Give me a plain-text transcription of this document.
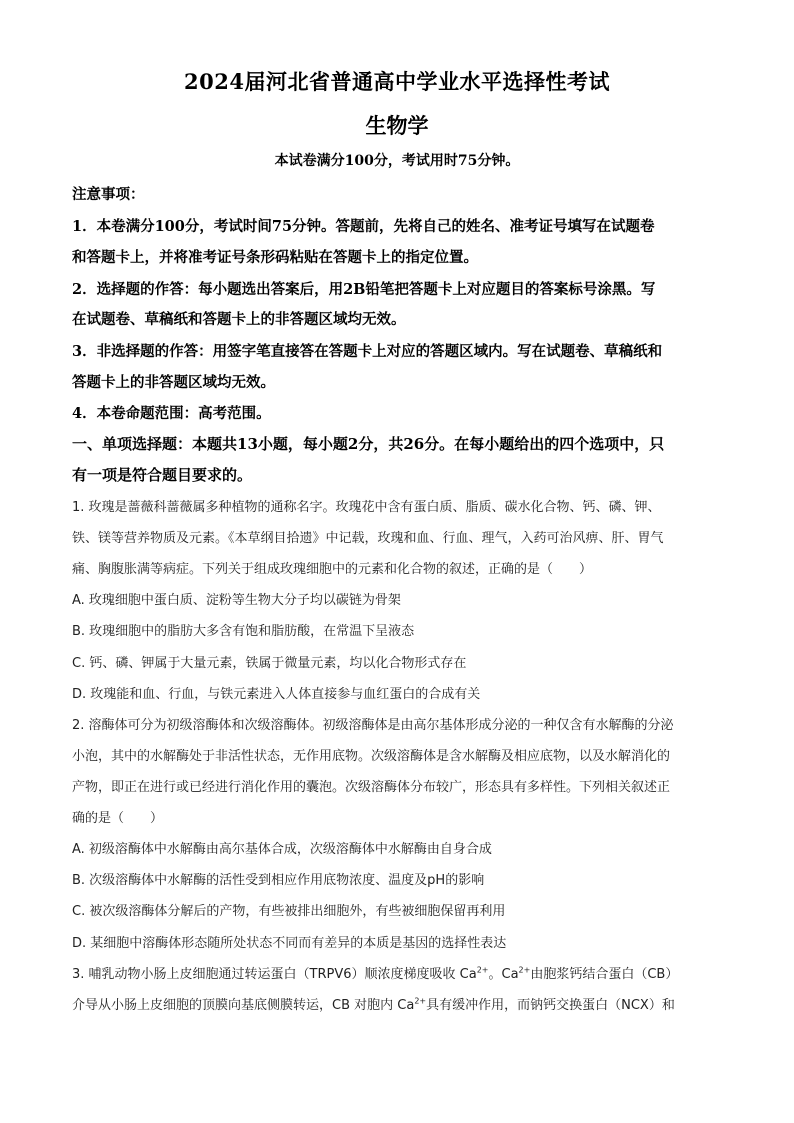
2024届河北省普通高中学业水平选择性考试
生物学
本试卷满分100分，考试用时75分钟。
注意事项：
1．本卷满分100分，考试时间75分钟。答题前，先将自己的姓名、准考证号填写在试题卷
和答题卡上，并将准考证号条形码粘贴在答题卡上的指定位置。
2．选择题的作答：每小题选出答案后，用2B铅笔把答题卡上对应题目的答案标号涂黑。写
在试题卷、草稿纸和答题卡上的非答题区域均无效。
3．非选择题的作答：用签字笔直接答在答题卡上对应的答题区域内。写在试题卷、草稿纸和
答题卡上的非答题区域均无效。
4．本卷命题范围：高考范围。
一、单项选择题：本题共13小题，每小题2分，共26分。在每小题给出的四个选项中，只
有一项是符合题目要求的。
1. 玫瑰是蔷薇科蔷薇属多种植物的通称名字。玫瑰花中含有蛋白质、脂质、碳水化合物、钙、磷、钾、
铁、镁等营养物质及元素。《本草纲目拾遗》中记载，玫瑰和血、行血、理气，入药可治风痹、肝、胃气
痛、胸腹胀满等病症。下列关于组成玫瑰细胞中的元素和化合物的叙述，正确的是（　　）
A. 玫瑰细胞中蛋白质、淀粉等生物大分子均以碳链为骨架
B. 玫瑰细胞中的脂肪大多含有饱和脂肪酸，在常温下呈液态
C. 钙、磷、钾属于大量元素，铁属于微量元素，均以化合物形式存在
D. 玫瑰能和血、行血，与铁元素进入人体直接参与血红蛋白的合成有关
2. 溶酶体可分为初级溶酶体和次级溶酶体。初级溶酶体是由高尔基体形成分泌的一种仅含有水解酶的分泌
小泡，其中的水解酶处于非活性状态，无作用底物。次级溶酶体是含水解酶及相应底物，以及水解消化的
产物，即正在进行或已经进行消化作用的囊泡。次级溶酶体分布较广，形态具有多样性。下列相关叙述正
确的是（　　）
A. 初级溶酶体中水解酶由高尔基体合成，次级溶酶体中水解酶由自身合成
B. 次级溶酶体中水解酶的活性受到相应作用底物浓度、温度及pH的影响
C. 被次级溶酶体分解后的产物，有些被排出细胞外，有些被细胞保留再利用
D. 某细胞中溶酶体形态随所处状态不同而有差异的本质是基因的选择性表达
3. 哺乳动物小肠上皮细胞通过转运蛋白（TRPV6）顺浓度梯度吸收 $Ca^{2+}$。$Ca^{2+}$由胞浆钙结合蛋白（CB）
介导从小肠上皮细胞的顶膜向基底侧膜转运，CB 对胞内 $Ca^{2+}$具有缓冲作用，而钠钙交换蛋白（NCX）和
